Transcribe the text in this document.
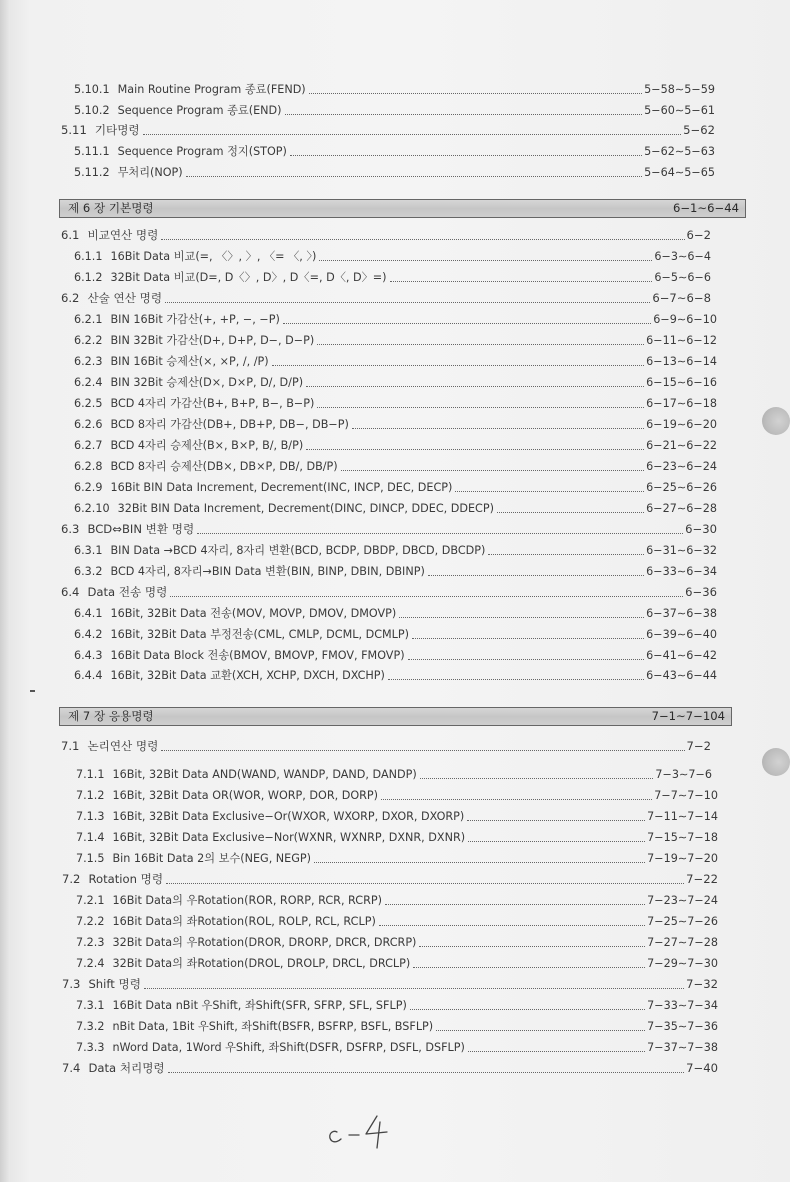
5.10.1 Main Routine Program 종료(FEND)	5−58∼5−59
5.10.2 Sequence Program 종료(END)	5−60∼5−61
5.11 기타명령	5−62
5.11.1 Sequence Program 정지(STOP)	5−62∼5−63
5.11.2 무처리(NOP)	5−64∼5−65
제 6 장 기본명령	6−1∼6−44
6.1 비교연산 명령	6−2
6.1.1 16Bit Data 비교(=, 〈〉, 〉, 〈= 〈, 〉)	6−3∼6−4
6.1.2 32Bit Data 비교(D=, D〈〉, D〉, D〈=, D〈, D〉=)	6−5∼6−6
6.2 산술 연산 명령	6−7∼6−8
6.2.1 BIN 16Bit 가감산(+, +P, −, −P)	6−9∼6−10
6.2.2 BIN 32Bit 가감산(D+, D+P, D−, D−P)	6−11∼6−12
6.2.3 BIN 16Bit 승제산(×, ×P, /, /P)	6−13∼6−14
6.2.4 BIN 32Bit 승제산(D×, D×P, D/, D/P)	6−15∼6−16
6.2.5 BCD 4자리 가감산(B+, B+P, B−, B−P)	6−17∼6−18
6.2.6 BCD 8자리 가감산(DB+, DB+P, DB−, DB−P)	6−19∼6−20
6.2.7 BCD 4자리 승제산(B×, B×P, B/, B/P)	6−21∼6−22
6.2.8 BCD 8자리 승제산(DB×, DB×P, DB/, DB/P)	6−23∼6−24
6.2.9 16Bit BIN Data Increment, Decrement(INC, INCP, DEC, DECP)	6−25∼6−26
6.2.10 32Bit BIN Data Increment, Decrement(DINC, DINCP, DDEC, DDECP)	6−27∼6−28
6.3 BCD⇔BIN 변환 명령	6−30
6.3.1 BIN Data →BCD 4자리, 8자리 변환(BCD, BCDP, DBDP, DBCD, DBCDP)	6−31∼6−32
6.3.2 BCD 4자리, 8자리→BIN Data 변환(BIN, BINP, DBIN, DBINP)	6−33∼6−34
6.4 Data 전송 명령	6−36
6.4.1 16Bit, 32Bit Data 전송(MOV, MOVP, DMOV, DMOVP)	6−37∼6−38
6.4.2 16Bit, 32Bit Data 부정전송(CML, CMLP, DCML, DCMLP)	6−39∼6−40
6.4.3 16Bit Data Block 전송(BMOV, BMOVP, FMOV, FMOVP)	6−41∼6−42
6.4.4 16Bit, 32Bit Data 교환(XCH, XCHP, DXCH, DXCHP)	6−43∼6−44
제 7 장 응용명령	7−1∼7−104
7.1 논리연산 명령	7−2
7.1.1 16Bit, 32Bit Data AND(WAND, WANDP, DAND, DANDP)	7−3∼7−6
7.1.2 16Bit, 32Bit Data OR(WOR, WORP, DOR, DORP)	7−7∼7−10
7.1.3 16Bit, 32Bit Data Exclusive−Or(WXOR, WXORP, DXOR, DXORP)	7−11∼7−14
7.1.4 16Bit, 32Bit Data Exclusive−Nor(WXNR, WXNRP, DXNR, DXNR)	7−15∼7−18
7.1.5 Bin 16Bit Data 2의 보수(NEG, NEGP)	7−19∼7−20
7.2 Rotation 명령	7−22
7.2.1 16Bit Data의 우Rotation(ROR, RORP, RCR, RCRP)	7−23∼7−24
7.2.2 16Bit Data의 좌Rotation(ROL, ROLP, RCL, RCLP)	7−25∼7−26
7.2.3 32Bit Data의 우Rotation(DROR, DRORP, DRCR, DRCRP)	7−27∼7−28
7.2.4 32Bit Data의 좌Rotation(DROL, DROLP, DRCL, DRCLP)	7−29∼7−30
7.3 Shift 명령	7−32
7.3.1 16Bit Data nBit 우Shift, 좌Shift(SFR, SFRP, SFL, SFLP)	7−33∼7−34
7.3.2 nBit Data, 1Bit 우Shift, 좌Shift(BSFR, BSFRP, BSFL, BSFLP)	7−35∼7−36
7.3.3 nWord Data, 1Word 우Shift, 좌Shift(DSFR, DSFRP, DSFL, DSFLP)	7−37∼7−38
7.4 Data 처리명령	7−40
